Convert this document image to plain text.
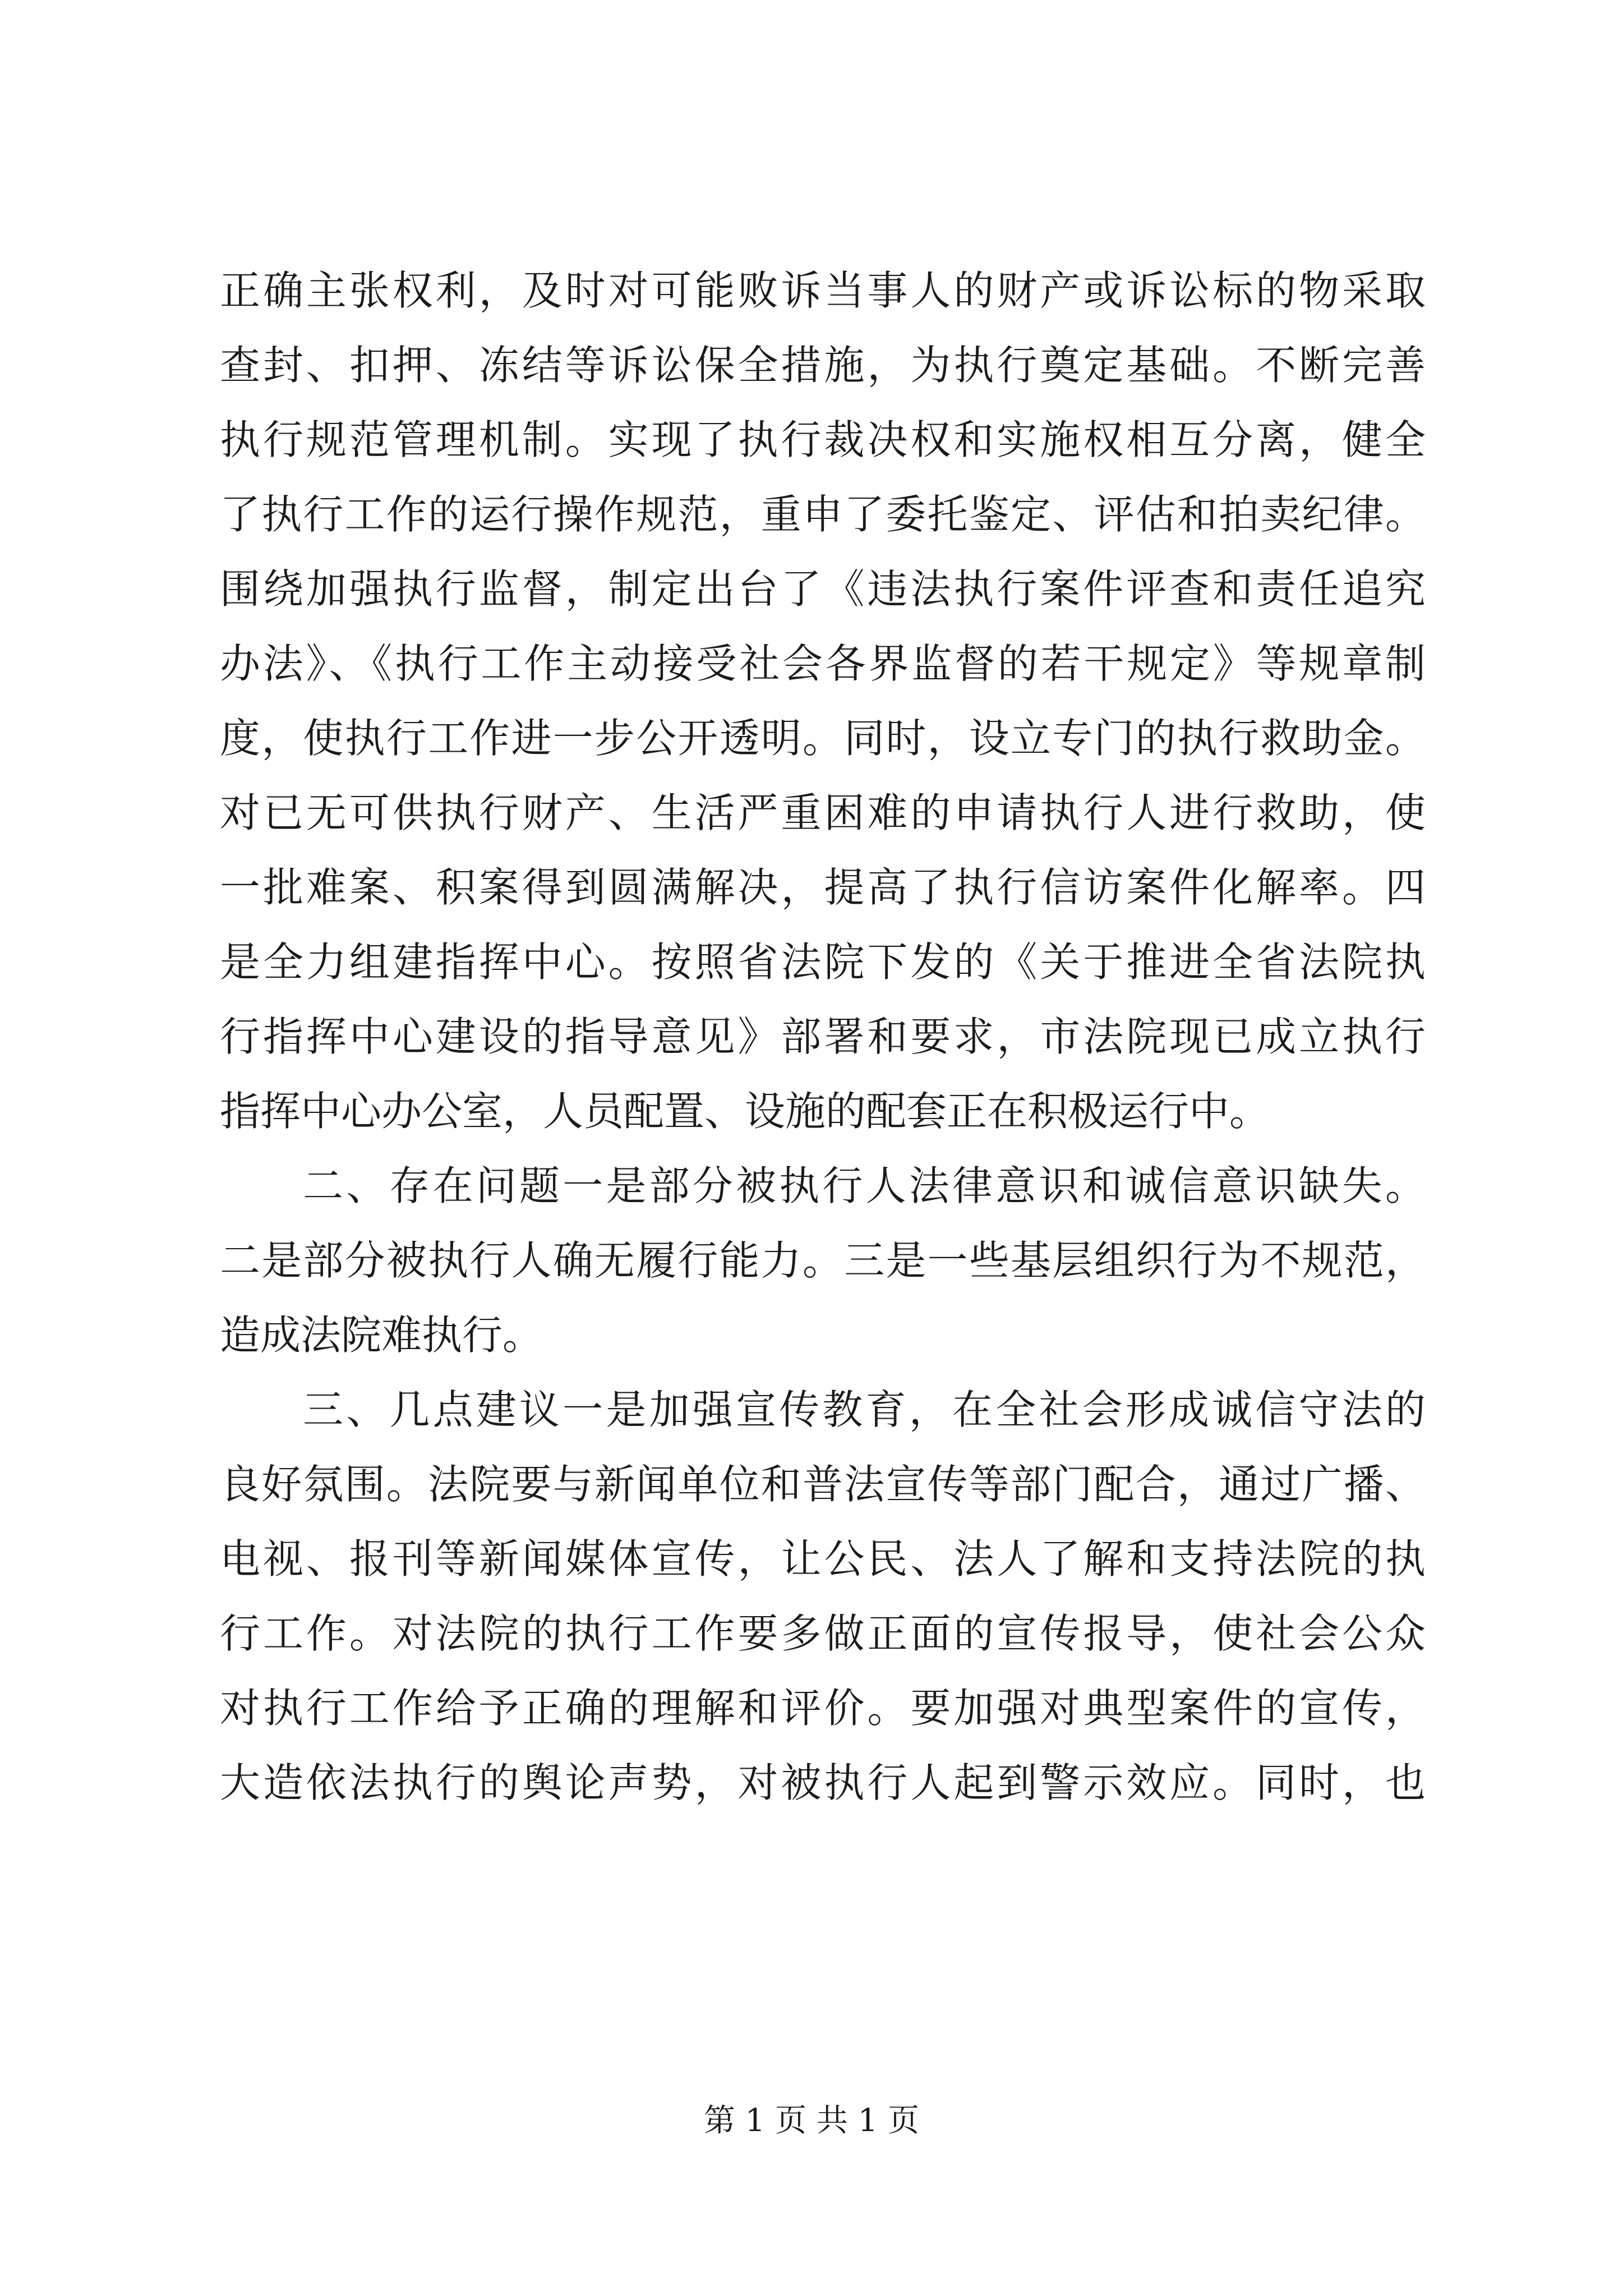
正确主张权利，及时对可能败诉当事人的财产或诉讼标的物采取
查封、扣押、冻结等诉讼保全措施，为执行奠定基础。不断完善
执行规范管理机制。实现了执行裁决权和实施权相互分离，健全
了执行工作的运行操作规范，重申了委托鉴定、评估和拍卖纪律。
围绕加强执行监督，制定出台了《违法执行案件评查和责任追究
办法》、《执行工作主动接受社会各界监督的若干规定》等规章制
度，使执行工作进一步公开透明。同时，设立专门的执行救助金。
对已无可供执行财产、生活严重困难的申请执行人进行救助，使
一批难案、积案得到圆满解决，提高了执行信访案件化解率。四
是全力组建指挥中心。按照省法院下发的《关于推进全省法院执
行指挥中心建设的指导意见》部署和要求，市法院现已成立执行
指挥中心办公室，人员配置、设施的配套正在积极运行中。
二、存在问题一是部分被执行人法律意识和诚信意识缺失。
二是部分被执行人确无履行能力。三是一些基层组织行为不规范，
造成法院难执行。
三、几点建议一是加强宣传教育，在全社会形成诚信守法的
良好氛围。法院要与新闻单位和普法宣传等部门配合，通过广播、
电视、报刊等新闻媒体宣传，让公民、法人了解和支持法院的执
行工作。对法院的执行工作要多做正面的宣传报导，使社会公众
对执行工作给予正确的理解和评价。要加强对典型案件的宣传，
大造依法执行的舆论声势，对被执行人起到警示效应。同时，也
第 1 页 共 1 页
